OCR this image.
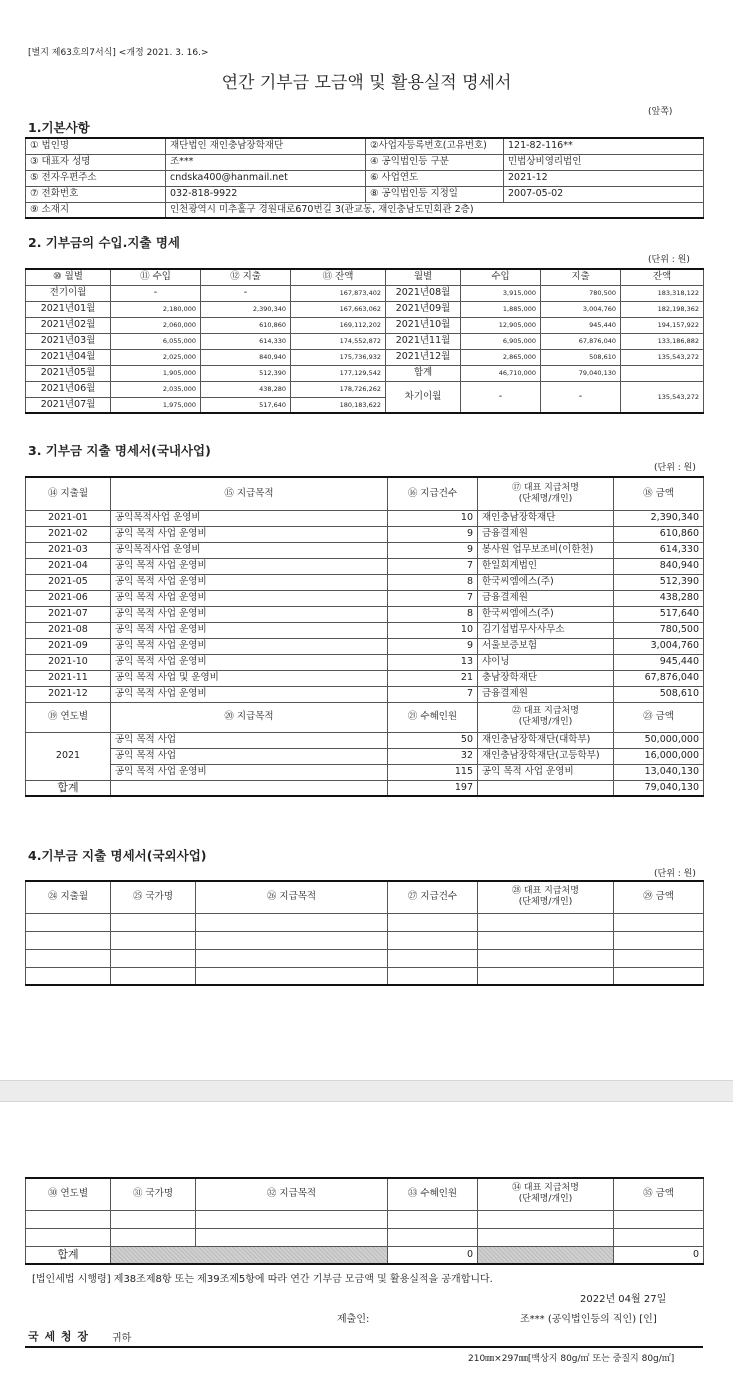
[별지 제63호의7서식] <개정 2021. 3. 16.>
연간 기부금 모금액 및 활용실적 명세서
(앞쪽)
1.기본사항
① 법인명	재단법인 재인충남장학재단	②사업자등록번호(고유번호)	121-82-116**
③ 대표자 성명	조***	④ 공익법인등 구분	민법상비영리법인
⑤ 전자우편주소	cndska400@hanmail.net	⑥ 사업연도	2021-12
⑦ 전화번호	032-818-9922	⑧ 공익법인등 지정일	2007-05-02
⑨ 소재지	인천광역시 미추홀구 경원대로670번길 3(관교동, 재인충남도민회관 2층)		
2. 기부금의 수입.지출 명세
(단위 : 원)
⑩ 월별	⑪ 수입	⑫ 지출	⑬ 잔액	월별	수입	지출	잔액
전기이월	-	-	167,873,402	2021년08월	3,915,000	780,500	183,318,122
2021년01월	2,180,000	2,390,340	167,663,062	2021년09월	1,885,000	3,004,760	182,198,362
2021년02월	2,060,000	610,860	169,112,202	2021년10월	12,905,000	945,440	194,157,922
2021년03월	6,055,000	614,330	174,552,872	2021년11월	6,905,000	67,876,040	133,186,882
2021년04월	2,025,000	840,940	175,736,932	2021년12월	2,865,000	508,610	135,543,272
2021년05월	1,905,000	512,390	177,129,542	합계	46,710,000	79,040,130	
2021년06월	2,035,000	438,280	178,726,262	차기이월	-	-	135,543,272
2021년07월	1,975,000	517,640	180,183,622				
3. 기부금 지출 명세서(국내사업)
(단위 : 원)
⑭ 지출월	⑮ 지급목적	⑯ 지급건수	⑰ 대표 지급처명
(단체명/개인)	⑱ 금액
2021-01	공익목적사업 운영비	10	재인충남장학재단	2,390,340
2021-02	공익 목적 사업 운영비	9	금융결제원	610,860
2021-03	공익목적사업 운영비	9	봉사원 업무보조비(이한천)	614,330
2021-04	공익 목적 사업 운영비	7	한일회계법인	840,940
2021-05	공익 목적 사업 운영비	8	한국씨엠에스(주)	512,390
2021-06	공익 목적 사업 운영비	7	금융결제원	438,280
2021-07	공익 목적 사업 운영비	8	한국씨엠에스(주)	517,640
2021-08	공익 목적 사업 운영비	10	김기섭법무사사무소	780,500
2021-09	공익 목적 사업 운영비	9	서울보증보험	3,004,760
2021-10	공익 목적 사업 운영비	13	샤이닝	945,440
2021-11	공익 목적 사업 및 운영비	21	충남장학재단	67,876,040
2021-12	공익 목적 사업 운영비	7	금융결제원	508,610
⑲ 연도별	⑳ 지급목적	㉑ 수혜인원	㉒ 대표 지급처명
(단체명/개인)	㉓ 금액
2021	공익 목적 사업	50	재인충남장학재단(대학부)	50,000,000
	공익 목적 사업	32	재인충남장학재단(고등학부)	16,000,000
	공익 목적 사업 운영비	115	공익 목적 사업 운영비	13,040,130
합계		197		79,040,130
4.기부금 지출 명세서(국외사업)
(단위 : 원)
㉔ 지출월	㉕ 국가명	㉖ 지급목적	㉗ 지급건수	㉘ 대표 지급처명
(단체명/개인)	㉙ 금액

㉚ 연도별	㉛ 국가명	㉜ 지급목적	㉝ 수혜인원	㉞ 대표 지급처명
(단체명/개인)	㉟ 금액

합계			0		0
[법인세법 시행령] 제38조제8항 또는 제39조제5항에 따라 연간 기부금 모금액 및 활용실적을 공개합니다.
2022년 04월 27일
제출인:	조*** (공익법인등의 직인) [인]
국 세 청 장 귀하
210㎜×297㎜[백상지 80g/㎡ 또는 중질지 80g/㎡]
